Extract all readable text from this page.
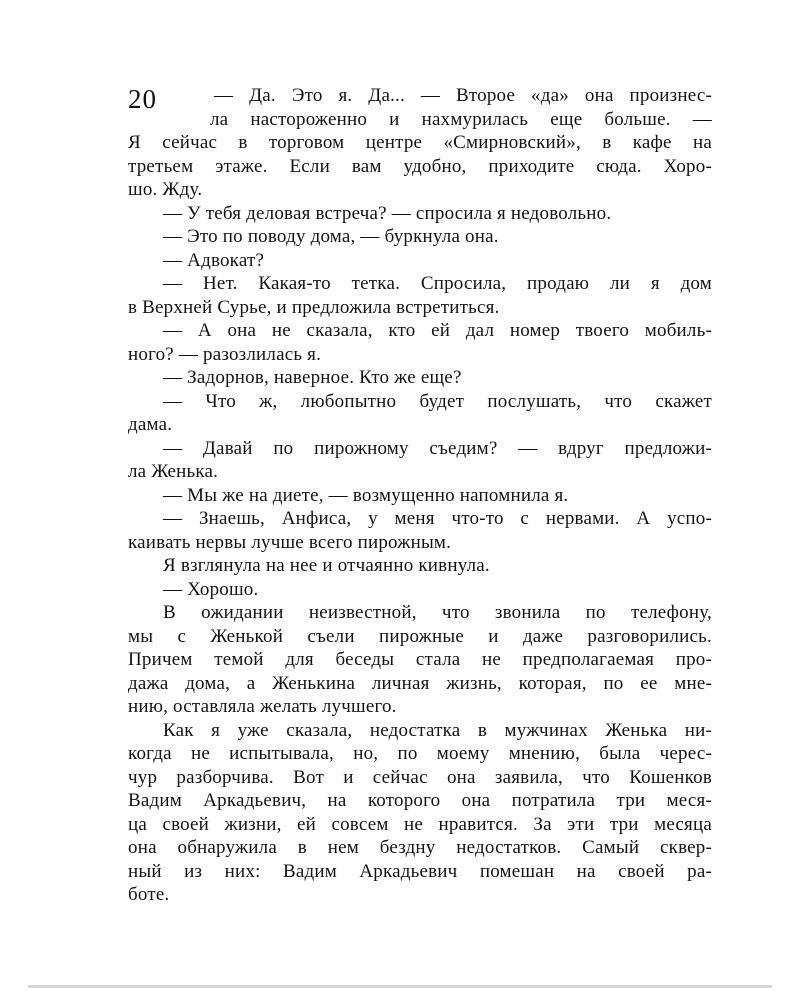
20	— Да. Это я. Да... — Второе «да» она произнес-
ла настороженно и нахмурилась еще больше. —
Я сейчас в торговом центре «Смирновский», в кафе на
третьем этаже. Если вам удобно, приходите сюда. Хоро-
шо. Жду.
— У тебя деловая встреча? — спросила я недовольно.
— Это по поводу дома, — буркнула она.
— Адвокат?
— Нет. Какая-то тетка. Спросила, продаю ли я дом
в Верхней Сурье, и предложила встретиться.
— А она не сказала, кто ей дал номер твоего мобиль-
ного? — разозлилась я.
— Задорнов, наверное. Кто же еще?
— Что ж, любопытно будет послушать, что скажет
дама.
— Давай по пирожному съедим? — вдруг предложи-
ла Женька.
— Мы же на диете, — возмущенно напомнила я.
— Знаешь, Анфиса, у меня что-то с нервами. А успо-
каивать нервы лучше всего пирожным.
Я взглянула на нее и отчаянно кивнула.
— Хорошо.
В ожидании неизвестной, что звонила по телефону,
мы с Женькой съели пирожные и даже разговорились.
Причем темой для беседы стала не предполагаемая про-
дажа дома, а Женькина личная жизнь, которая, по ее мне-
нию, оставляла желать лучшего.
Как я уже сказала, недостатка в мужчинах Женька ни-
когда не испытывала, но, по моему мнению, была черес-
чур разборчива. Вот и сейчас она заявила, что Кошенков
Вадим Аркадьевич, на которого она потратила три меся-
ца своей жизни, ей совсем не нравится. За эти три месяца
она обнаружила в нем бездну недостатков. Самый сквер-
ный из них: Вадим Аркадьевич помешан на своей ра-
боте.
